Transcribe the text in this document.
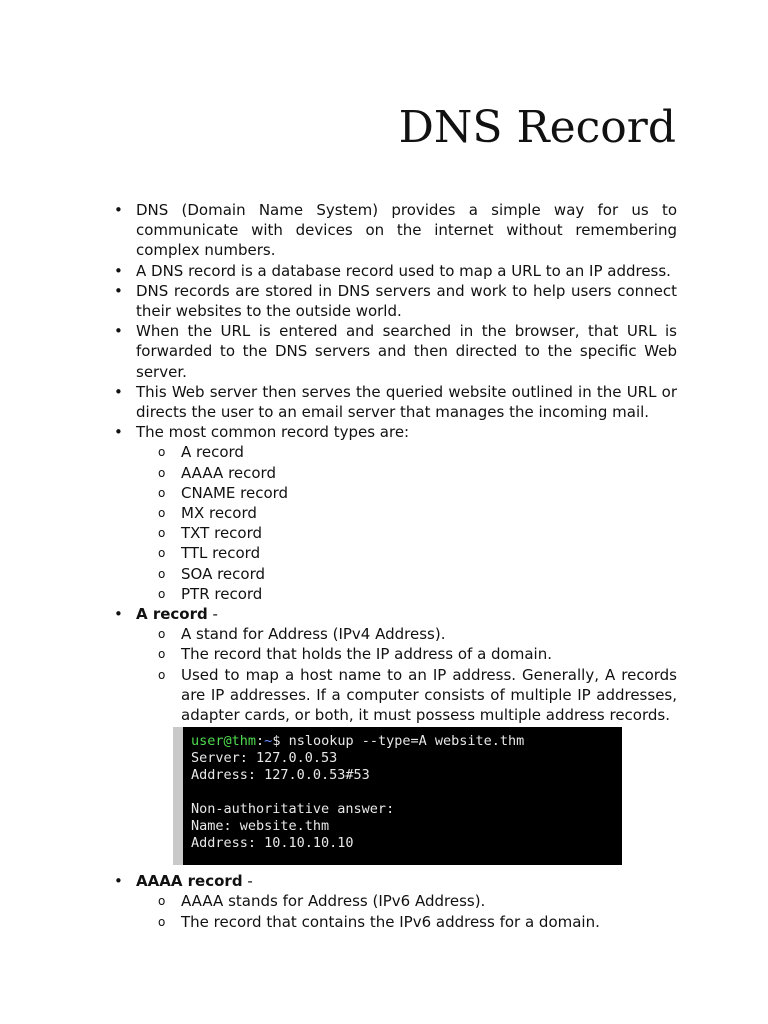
DNS Record
• DNS (Domain Name System) provides a simple way for us to communicate with devices on the internet without remembering complex numbers.
• A DNS record is a database record used to map a URL to an IP address.
• DNS records are stored in DNS servers and work to help users connect their websites to the outside world.
• When the URL is entered and searched in the browser, that URL is forwarded to the DNS servers and then directed to the specific Web server.
• This Web server then serves the queried website outlined in the URL or directs the user to an email server that manages the incoming mail.
• The most common record types are:
o A record
o AAAA record
o CNAME record
o MX record
o TXT record
o TTL record
o SOA record
o PTR record
• A record -
o A stand for Address (IPv4 Address).
o The record that holds the IP address of a domain.
o Used to map a host name to an IP address. Generally, A records are IP addresses. If a computer consists of multiple IP addresses, adapter cards, or both, it must possess multiple address records.
user@thm:~$ nslookup --type=A website.thm
Server: 127.0.0.53
Address: 127.0.0.53#53
Non-authoritative answer:
Name: website.thm
Address: 10.10.10.10
• AAAA record -
o AAAA stands for Address (IPv6 Address).
o The record that contains the IPv6 address for a domain.
